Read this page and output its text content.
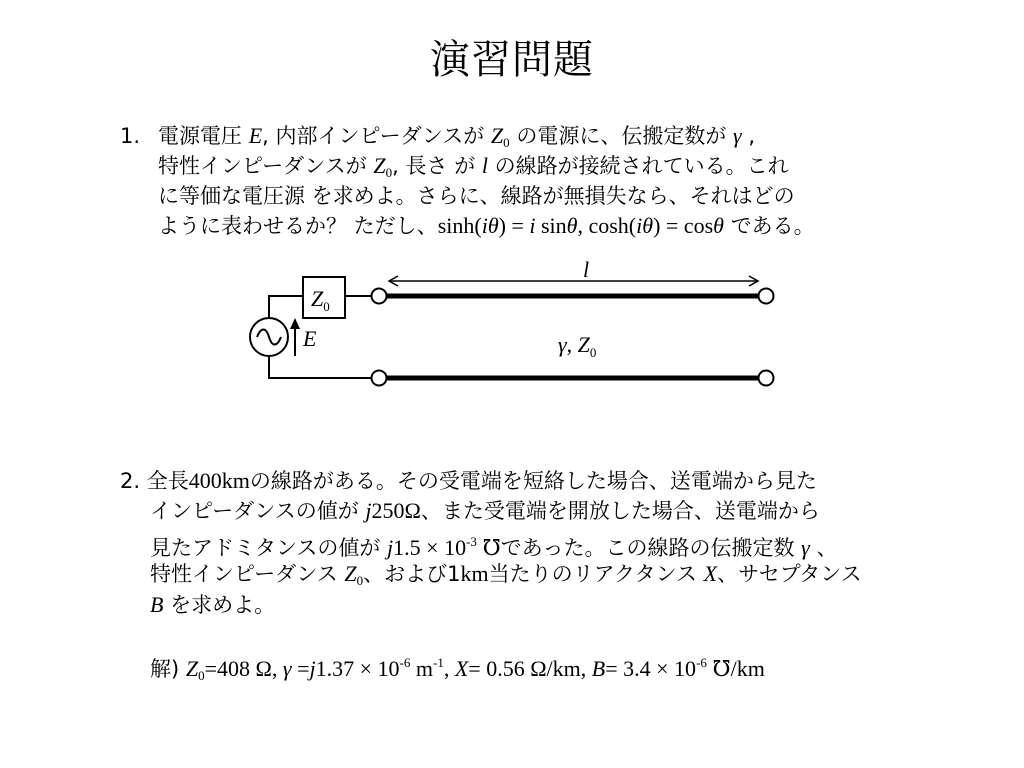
演習問題
1. 電源電圧 E, 内部インピーダンスが $Z_0$ の電源に、伝搬定数が γ ,
特性インピーダンスが $Z_0$, 長さ が l の線路が接続されている。これ
に等価な電圧源 を求めよ。さらに、線路が無損失なら、それはどの
ように表わせるか？ ただし、sinh(iθ) = i sinθ, cosh(iθ) = cosθ である。
$Z_0$
E
l
γ, $Z_0$
2. 全長400kmの線路がある。その受電端を短絡した場合、送電端から見た
インピーダンスの値が j250Ω、また受電端を開放した場合、送電端から
見たアドミタンスの値が $j1.5 \times 10^{-3}$ ℧であった。この線路の伝搬定数 γ 、
特性インピーダンス $Z_0$、および1km当たりのリアクタンス X、サセプタンス
B を求めよ。
解) $Z_0=408$ Ω, $\gamma =j1.37 \times 10^{-6}$ $m^{-1}$, X= 0.56 Ω/km, $B= 3.4 \times 10^{-6}$ ℧/km
